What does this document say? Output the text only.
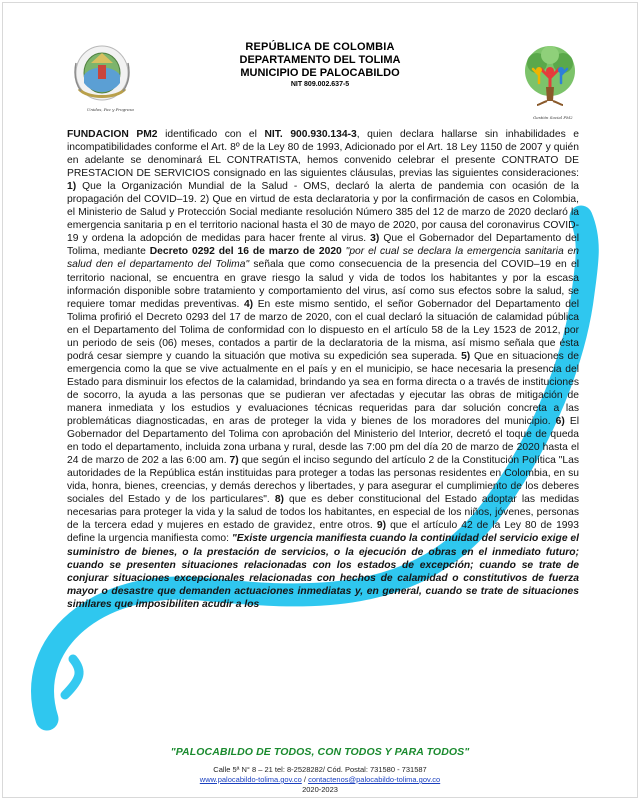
Unidos, Paz y Progreso
REPÚBLICA DE COLOMBIA
DEPARTAMENTO DEL TOLIMA
MUNICIPIO DE PALOCABILDO
NIT 809.002.637-5
Gestión Social PM2
FUNDACION PM2 identificado con el NIT. 900.930.134-3, quien declara hallarse sin inhabilidades e incompatibilidades conforme el Art. 8º de la Ley 80 de 1993, Adicionado por el Art. 18 Ley 1150 de 2007 y quién en adelante se denominará EL CONTRATISTA, hemos convenido celebrar el presente CONTRATO DE PRESTACION DE SERVICIOS consignado en las siguientes cláusulas, previas las siguientes consideraciones: 1) Que la Organización Mundial de la Salud - OMS, declaró la alerta de pandemia con ocasión de la propagación del COVID–19. 2) Que en virtud de esta declaratoria y por la confirmación de casos en Colombia, el Ministerio de Salud y Protección Social mediante resolución Número 385 del 12 de marzo de 2020 declaró la emergencia sanitaria p en el territorio nacional hasta el 30 de mayo de 2020, por causa del coronavirus COVID-19 y ordena la adopción de medidas para hacer frente al virus. 3) Que el Gobernador del Departamento del Tolima, mediante Decreto 0292 del 16 de marzo de 2020 "por el cual se declara la emergencia sanitaria en salud den el departamento del Tolima" señala que como consecuencia de la presencia del COVID–19 en el territorio nacional, se encuentra en grave riesgo la salud y vida de todos los habitantes y por la escasa información disponible sobre tratamiento y comportamiento del virus, así como sus efectos sobre la salud, se requiere tomar medidas preventivas. 4) En este mismo sentido, el señor Gobernador del Departamento del Tolima profirió el Decreto 0293 del 17 de marzo de 2020, con el cual declaró la situación de calamidad pública en el Departamento del Tolima de conformidad con lo dispuesto en el artículo 58 de la Ley 1523 de 2012, por un periodo de seis (06) meses, contados a partir de la declaratoria de la misma, así mismo señala que ésta podrá cesar siempre y cuando la situación que motiva su expedición sea superada. 5) Que en situaciones de emergencia como la que se vive actualmente en el país y en el municipio, se hace necesaria la presencia del Estado para disminuir los efectos de la calamidad, brindando ya sea en forma directa o a través de instituciones de socorro, la ayuda a las personas que se pudieran ver afectadas y ejecutar las obras de mitigación de manera inmediata y los estudios y evaluaciones técnicas requeridas para dar solución concreta a las problemáticas diagnosticadas, en aras de proteger la vida y bienes de los moradores del municipio. 6) El Gobernador del Departamento del Tolima con aprobación del Ministerio del Interior, decretó el toque de queda en todo el departamento, incluida zona urbana y rural, desde las 7:00 pm del día 20 de marzo de 2020 hasta el 24 de marzo de 202 a las 6:00 am. 7) que según el inciso segundo del artículo 2 de la Constitución Política "Las autoridades de la República están instituidas para proteger a todas las personas residentes en Colombia, en su vida, honra, bienes, creencias, y demás derechos y libertades, y para asegurar el cumplimiento de los deberes sociales del Estado y de los particulares". 8) que es deber constitucional del Estado adoptar las medidas necesarias para proteger la vida y la salud de todos los habitantes, en especial de los niños, jóvenes, personas de la tercera edad y mujeres en estado de gravidez, entre otros. 9) que el artículo 42 de la Ley 80 de 1993 define la urgencia manifiesta como: "Existe urgencia manifiesta cuando la continuidad del servicio exige el suministro de bienes, o la prestación de servicios, o la ejecución de obras en el inmediato futuro; cuando se presenten situaciones relacionadas con los estados de excepción; cuando se trate de conjurar situaciones excepcionales relacionadas con hechos de calamidad o constitutivos de fuerza mayor o desastre que demanden actuaciones inmediatas y, en general, cuando se trate de situaciones similares que imposibiliten acudir a los
"PALOCABILDO DE TODOS, CON TODOS Y PARA TODOS"
Calle 5ª N° 8 – 21 tel: 8-2528282/ Cód. Postal: 731580 - 731587
www.palocabildo-tolima.gov.co / contactenos@palocabildo-tolima.gov.co
2020-2023
